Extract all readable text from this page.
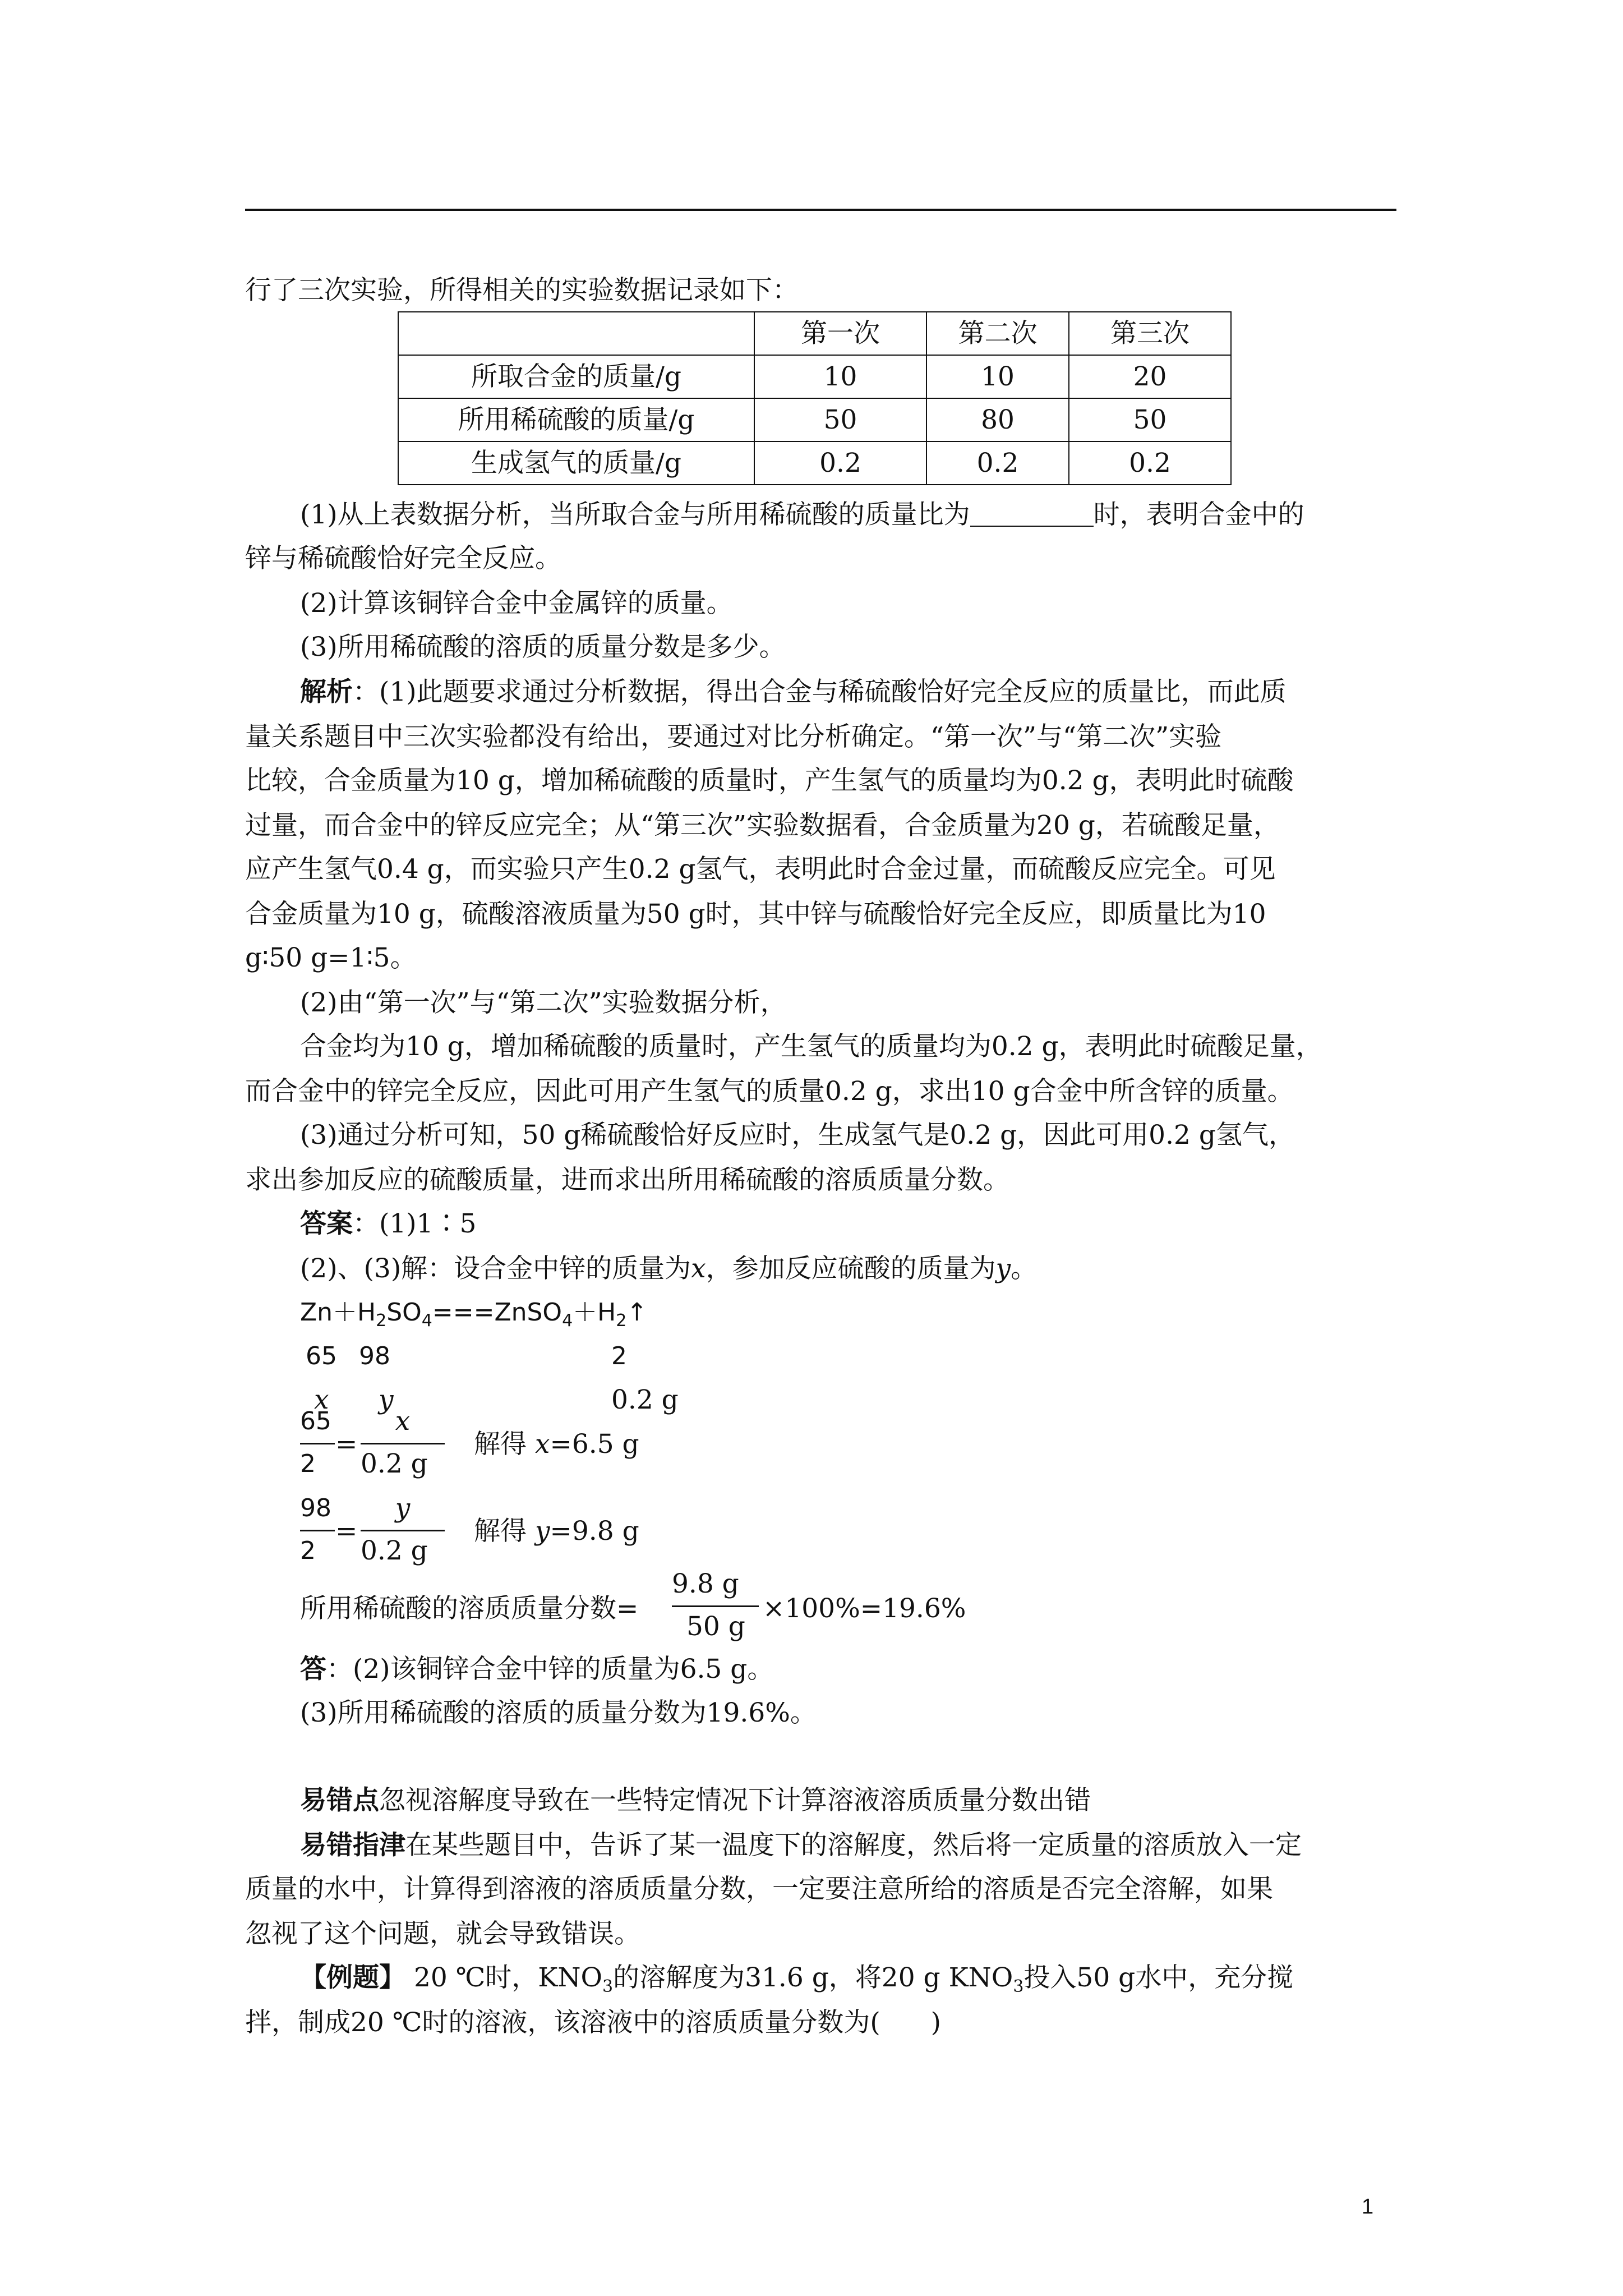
行了三次实验，所得相关的实验数据记录如下：
	第一次	第二次	第三次
所取合金的质量/g	10	10	20
所用稀硫酸的质量/g	50	80	50
生成氢气的质量/g	0.2	0.2	0.2
(1)从上表数据分析，当所取合金与所用稀硫酸的质量比为	时，表明合金中的
锌与稀硫酸恰好完全反应。
(2)计算该铜锌合金中金属锌的质量。
(3)所用稀硫酸的溶质的质量分数是多少。
解析：(1)此题要求通过分析数据，得出合金与稀硫酸恰好完全反应的质量比，而此质
量关系题目中三次实验都没有给出，要通过对比分析确定。“第一次”与“第二次”实验
比较，合金质量为10 g，增加稀硫酸的质量时，产生氢气的质量均为0.2 g，表明此时硫酸
过量，而合金中的锌反应完全；从“第三次”实验数据看，合金质量为20 g，若硫酸足量，
应产生氢气0.4 g，而实验只产生0.2 g氢气，表明此时合金过量，而硫酸反应完全。可见
合金质量为10 g，硫酸溶液质量为50 g时，其中锌与硫酸恰好完全反应，即质量比为10
g∶50 g=1∶5。
(2)由“第一次”与“第二次”实验数据分析，
合金均为10 g，增加稀硫酸的质量时，产生氢气的质量均为0.2 g，表明此时硫酸足量，
而合金中的锌完全反应，因此可用产生氢气的质量0.2 g，求出10 g合金中所含锌的质量。
(3)通过分析可知，50 g稀硫酸恰好反应时，生成氢气是0.2 g，因此可用0.2 g氢气，
求出参加反应的硫酸质量，进而求出所用稀硫酸的溶质质量分数。
答案：(1)1∶5
(2)、(3)解：设合金中锌的质量为x，参加反应硫酸的质量为y。
$Zn+H_2SO_4===ZnSO_4+H_2↑$
65 98	2
x y	0.2 g
65
2
=
x
0.2 g
解得 x=6.5 g
98
2
=
y
0.2 g
解得 y=9.8 g
所用稀硫酸的溶质质量分数=
9.8 g
50 g
×100%=19.6%
答：(2)该铜锌合金中锌的质量为6.5 g。
(3)所用稀硫酸的溶质的质量分数为19.6%。
易错点忽视溶解度导致在一些特定情况下计算溶液溶质质量分数出错
易错指津在某些题目中，告诉了某一温度下的溶解度，然后将一定质量的溶质放入一定
质量的水中，计算得到溶液的溶质质量分数，一定要注意所给的溶质是否完全溶解，如果
忽视了这个问题，就会导致错误。
【例题】 20 ℃时，$KNO_3$的溶解度为31.6 g，将20 g $KNO_3$投入50 g水中，充分搅
拌，制成20 ℃时的溶液，该溶液中的溶质质量分数为( )
1
